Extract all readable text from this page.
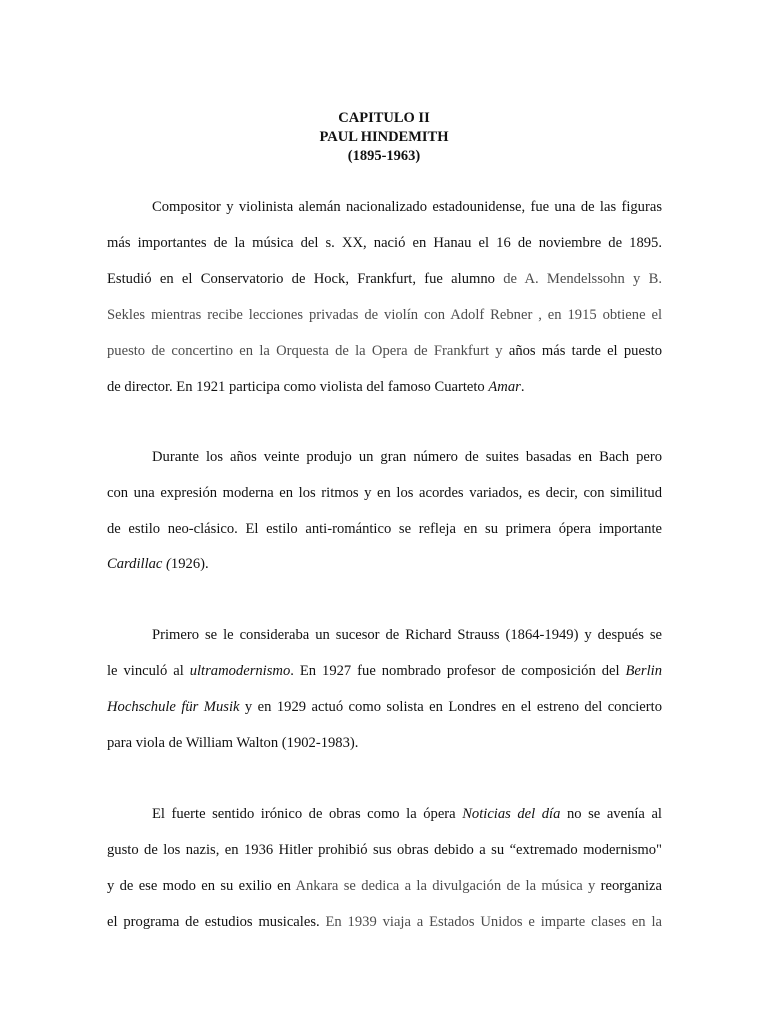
CAPITULO II
PAUL HINDEMITH
(1895-1963)
Compositor y violinista alemán nacionalizado estadounidense, fue una de las figuras
más importantes de la música del s. XX, nació en Hanau el 16 de noviembre de 1895.
Estudió en el Conservatorio de Hock, Frankfurt, fue alumno de A. Mendelssohn y B.
Sekles mientras recibe lecciones privadas de violín con Adolf Rebner , en 1915 obtiene el
puesto de concertino en la Orquesta de la Opera de Frankfurt y años más tarde el puesto
de director. En 1921 participa como violista del famoso Cuarteto Amar.
Durante los años veinte produjo un gran número de suites basadas en Bach pero
con una expresión moderna en los ritmos y en los acordes variados, es decir, con similitud
de estilo neo-clásico. El estilo anti-romántico se refleja en su primera ópera importante
Cardillac (1926).
Primero se le consideraba un sucesor de Richard Strauss (1864-1949) y después se
le vinculó al ultramodernismo. En 1927 fue nombrado profesor de composición del Berlin
Hochschule für Musik y en 1929 actuó como solista en Londres en el estreno del concierto
para viola de William Walton (1902-1983).
El fuerte sentido irónico de obras como la ópera Noticias del día no se avenía al
gusto de los nazis, en 1936 Hitler prohibió sus obras debido a su “extremado modernismo"
y de ese modo en su exilio en Ankara se dedica a la divulgación de la música y reorganiza
el programa de estudios musicales. En 1939 viaja a Estados Unidos e imparte clases en la
